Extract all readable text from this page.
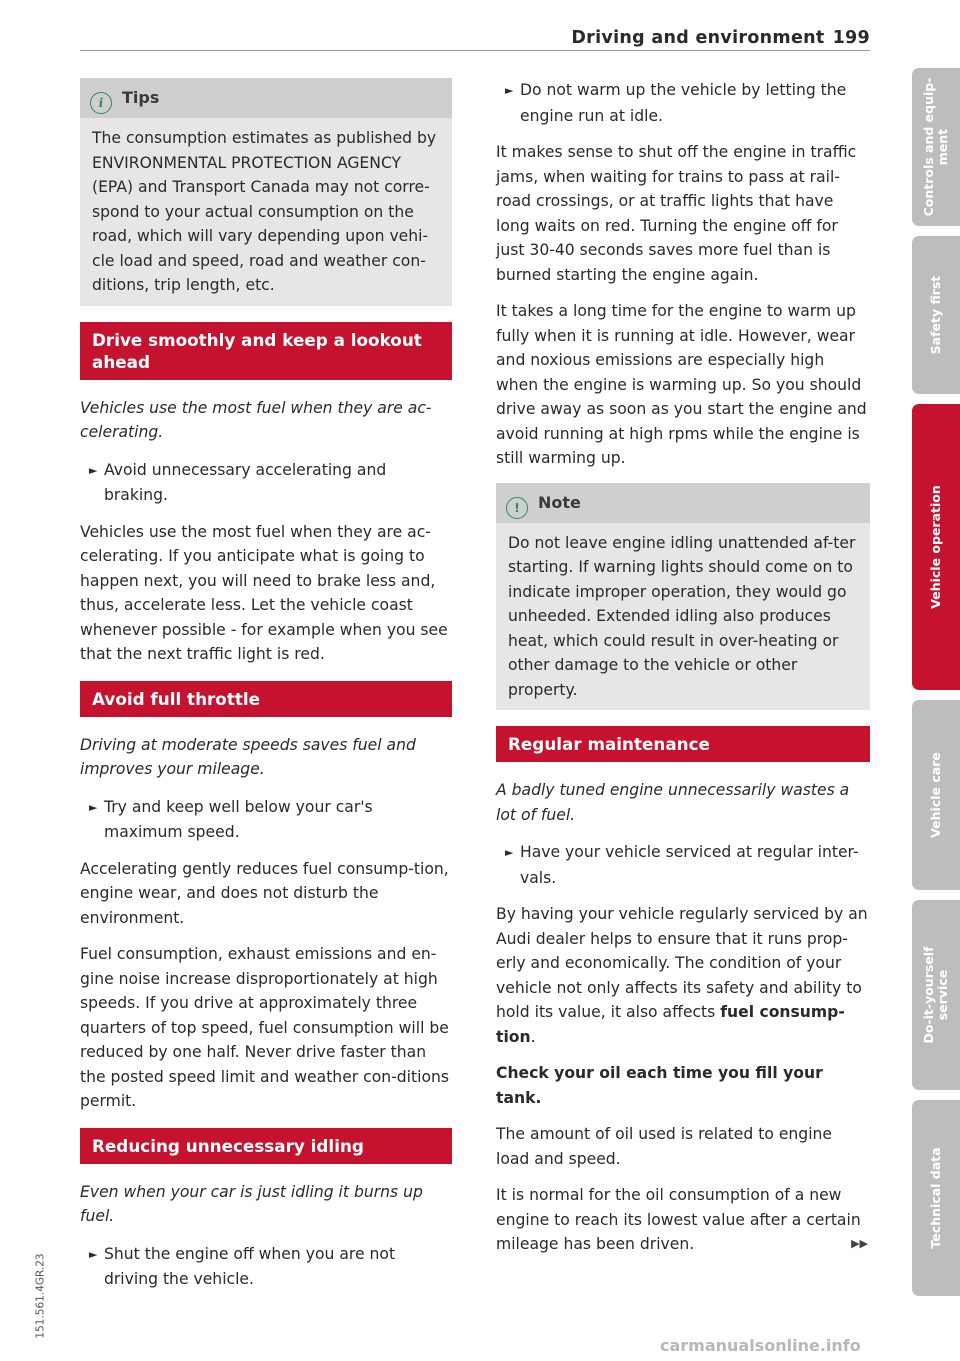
Driving and environment 199
i Tips
The consumption estimates as published by ENVIRONMENTAL PROTECTION AGENCY (EPA) and Transport Canada may not corre-spond to your actual consumption on the road, which will vary depending upon vehi-cle load and speed, road and weather con-ditions, trip length, etc.
Drive smoothly and keep a lookout ahead

Vehicles use the most fuel when they are ac-celerating.

► Avoid unnecessary accelerating and braking.

Vehicles use the most fuel when they are ac-celerating. If you anticipate what is going to happen next, you will need to brake less and, thus, accelerate less. Let the vehicle coast whenever possible - for example when you see that the next traffic light is red.

Avoid full throttle

Driving at moderate speeds saves fuel and improves your mileage.

► Try and keep well below your car's maximum speed.

Accelerating gently reduces fuel consump-tion, engine wear, and does not disturb the environment.

Fuel consumption, exhaust emissions and en-gine noise increase disproportionately at high speeds. If you drive at approximately three quarters of top speed, fuel consumption will be reduced by one half. Never drive faster than the posted speed limit and weather con-ditions permit.

Reducing unnecessary idling

Even when your car is just idling it burns up fuel.

► Shut the engine off when you are not driving the vehicle.

► Do not warm up the vehicle by letting the engine run at idle.

It makes sense to shut off the engine in traffic jams, when waiting for trains to pass at rail-road crossings, or at traffic lights that have long waits on red. Turning the engine off for just 30-40 seconds saves more fuel than is burned starting the engine again.

It takes a long time for the engine to warm up fully when it is running at idle. However, wear and noxious emissions are especially high when the engine is warming up. So you should drive away as soon as you start the engine and avoid running at high rpms while the engine is still warming up.

! Note
Do not leave engine idling unattended af-ter starting. If warning lights should come on to indicate improper operation, they would go unheeded. Extended idling also produces heat, which could result in over-heating or other damage to the vehicle or other property.
Regular maintenance

A badly tuned engine unnecessarily wastes a lot of fuel.

► Have your vehicle serviced at regular inter-vals.

By having your vehicle regularly serviced by an Audi dealer helps to ensure that it runs prop-erly and economically. The condition of your vehicle not only affects its safety and ability to hold its value, it also affects fuel consump-tion.

Check your oil each time you fill your tank.

The amount of oil used is related to engine load and speed.

It is normal for the oil consumption of a new engine to reach its lowest value after a certain mileage has been driven.	▶▶

Controls and equip- ment
Safety first
Vehicle operation
Vehicle care
Do-it-yourself service
Technical data
151.561.4GR.23
carmanualsonline.info
